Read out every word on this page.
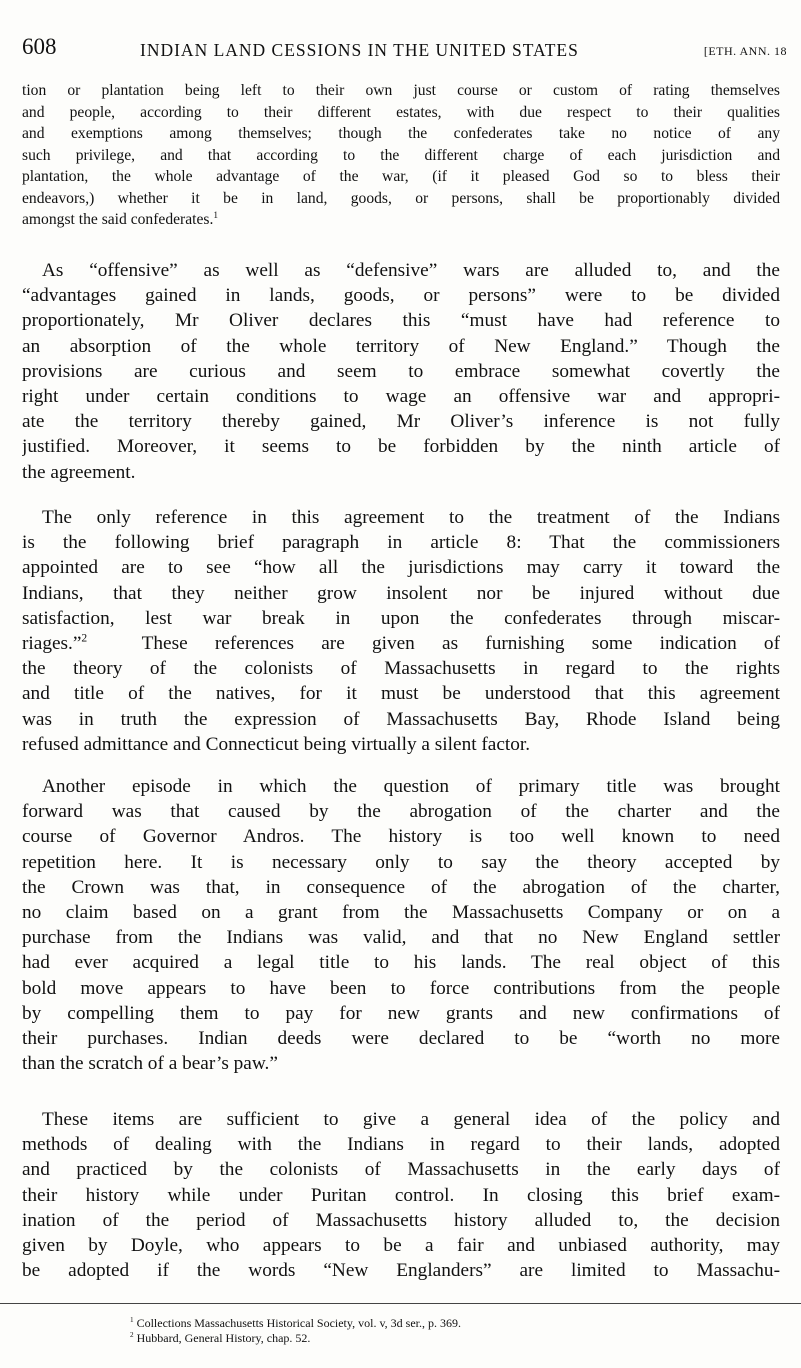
608	INDIAN LAND CESSIONS IN THE UNITED STATES	[ETH. ANN. 18
tion or plantation being left to their own just course or custom of rating themselves
and people, according to their different estates, with due respect to their qualities
and exemptions among themselves; though the confederates take no notice of any
such privilege, and that according to the different charge of each jurisdiction and
plantation, the whole advantage of the war, (if it pleased God so to bless their
endeavors,) whether it be in land, goods, or persons, shall be proportionably divided
amongst the said confederates.$^1$
As “offensive” as well as “defensive” wars are alluded to, and the
“advantages gained in lands, goods, or persons” were to be divided
proportionately, Mr Oliver declares this “must have had reference to
an absorption of the whole territory of New England.” Though the
provisions are curious and seem to embrace somewhat covertly the
right under certain conditions to wage an offensive war and appropri-
ate the territory thereby gained, Mr Oliver’s inference is not fully
justified. Moreover, it seems to be forbidden by the ninth article of
the agreement.
The only reference in this agreement to the treatment of the Indians
is the following brief paragraph in article 8: That the commissioners
appointed are to see “how all the jurisdictions may carry it toward the
Indians, that they neither grow insolent nor be injured without due
satisfaction, lest war break in upon the confederates through miscar-
riages.”$^2$	These references are given as furnishing some indication of
the theory of the colonists of Massachusetts in regard to the rights
and title of the natives, for it must be understood that this agreement
was in truth the expression of Massachusetts Bay, Rhode Island being
refused admittance and Connecticut being virtually a silent factor.
Another episode in which the question of primary title was brought
forward was that caused by the abrogation of the charter and the
course of Governor Andros. The history is too well known to need
repetition here. It is necessary only to say the theory accepted by
the Crown was that, in consequence of the abrogation of the charter,
no claim based on a grant from the Massachusetts Company or on a
purchase from the Indians was valid, and that no New England settler
had ever acquired a legal title to his lands. The real object of this
bold move appears to have been to force contributions from the people
by compelling them to pay for new grants and new confirmations of
their purchases. Indian deeds were declared to be “worth no more
than the scratch of a bear’s paw.”
These items are sufficient to give a general idea of the policy and
methods of dealing with the Indians in regard to their lands, adopted
and practiced by the colonists of Massachusetts in the early days of
their history while under Puritan control. In closing this brief exam-
ination of the period of Massachusetts history alluded to, the decision
given by Doyle, who appears to be a fair and unbiased authority, may
be adopted if the words “New Englanders” are limited to Massachu-
$^1$ Collections Massachusetts Historical Society, vol. v, 3d ser., p. 369.
$^2$ Hubbard, General History, chap. 52.
